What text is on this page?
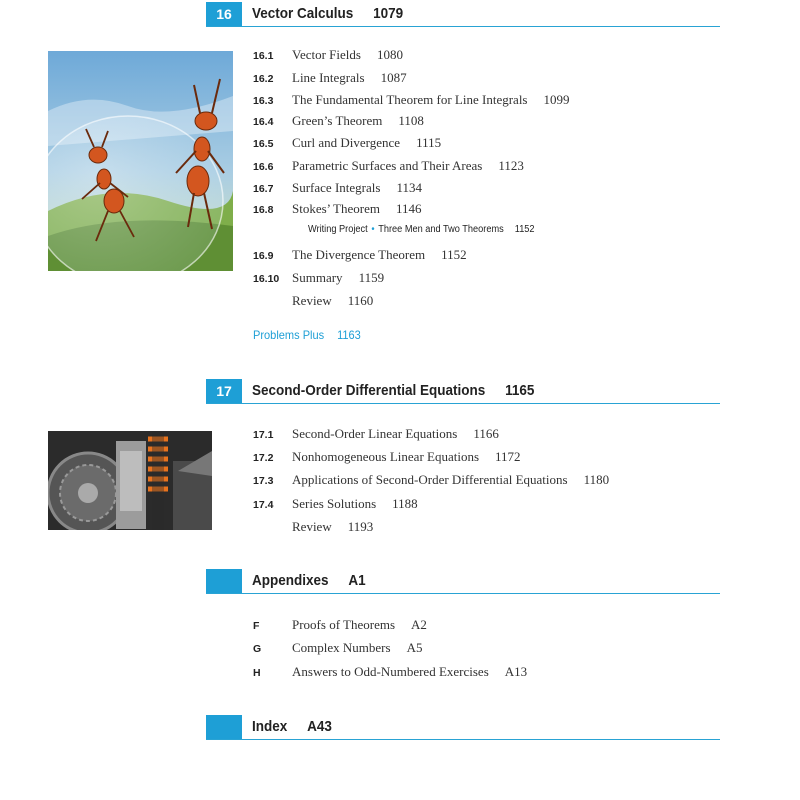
16	Vector Calculus 1079
16.1 Vector Fields 1080
16.2 Line Integrals 1087
16.3 The Fundamental Theorem for Line Integrals 1099
16.4 Green’s Theorem 1108
16.5 Curl and Divergence 1115
16.6 Parametric Surfaces and Their Areas 1123
16.7 Surface Integrals 1134
16.8 Stokes’ Theorem 1146
Writing Project • Three Men and Two Theorems 1152
16.9 The Divergence Theorem 1152
16.10 Summary 1159
Review 1160
Problems Plus 1163
17	Second-Order Differential Equations 1165
17.1 Second-Order Linear Equations 1166
17.2 Nonhomogeneous Linear Equations 1172
17.3 Applications of Second-Order Differential Equations 1180
17.4 Series Solutions 1188
Review 1193
Appendixes A1
F	Proofs of Theorems A2
G Complex Numbers A5
H Answers to Odd-Numbered Exercises A13
Index A43
